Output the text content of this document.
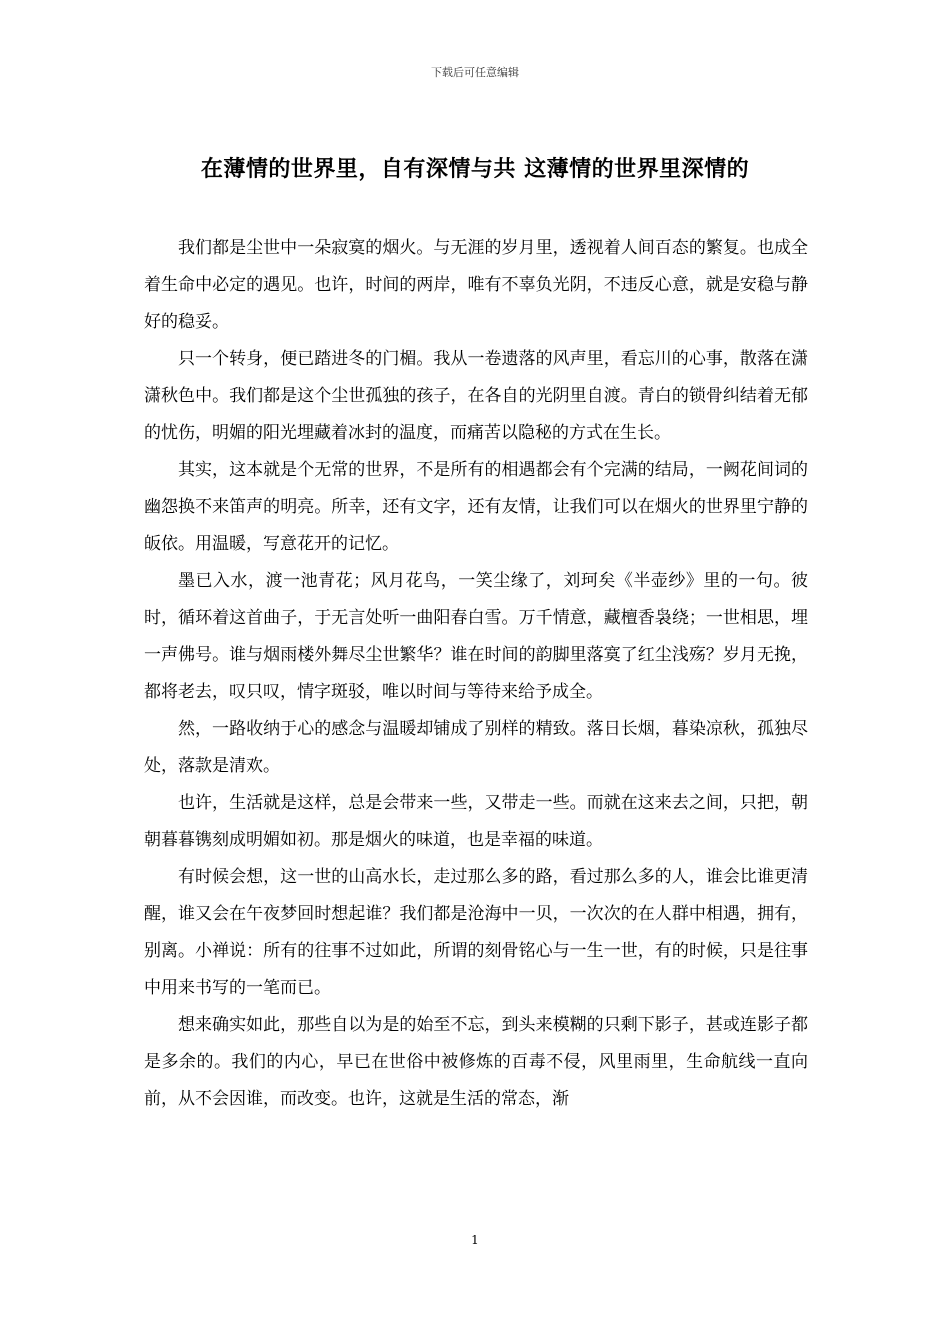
下载后可任意编辑
在薄情的世界里，自有深情与共 这薄情的世界里深情的

我们都是尘世中一朵寂寞的烟火。与无涯的岁月里，透视着人间百态的繁复。也成全着生命中必定的遇见。也许，时间的两岸，唯有不辜负光阴，不违反心意，就是安稳与静好的稳妥。

只一个转身，便已踏进冬的门楣。我从一卷遗落的风声里，看忘川的心事，散落在潇潇秋色中。我们都是这个尘世孤独的孩子，在各自的光阴里自渡。青白的锁骨纠结着无郁的忧伤，明媚的阳光埋藏着冰封的温度，而痛苦以隐秘的方式在生长。

其实，这本就是个无常的世界，不是所有的相遇都会有个完满的结局，一阙花间词的幽怨换不来笛声的明亮。所幸，还有文字，还有友情，让我们可以在烟火的世界里宁静的皈依。用温暖，写意花开的记忆。

墨已入水，渡一池青花；风月花鸟，一笑尘缘了，刘珂矣《半壶纱》里的一句。彼时，循环着这首曲子，于无言处听一曲阳春白雪。万千情意，藏檀香袅绕；一世相思，埋一声佛号。谁与烟雨楼外舞尽尘世繁华？谁在时间的韵脚里落寞了红尘浅殇？岁月无挽，都将老去，叹只叹，情字斑驳，唯以时间与等待来给予成全。

然，一路收纳于心的感念与温暖却铺成了别样的精致。落日长烟，暮染凉秋，孤独尽处，落款是清欢。

也许，生活就是这样，总是会带来一些，又带走一些。而就在这来去之间，只把，朝朝暮暮镌刻成明媚如初。那是烟火的味道，也是幸福的味道。

有时候会想，这一世的山高水长，走过那么多的路，看过那么多的人，谁会比谁更清醒，谁又会在午夜梦回时想起谁？我们都是沧海中一贝，一次次的在人群中相遇，拥有，别离。小禅说：所有的往事不过如此，所谓的刻骨铭心与一生一世，有的时候，只是往事中用来书写的一笔而已。

想来确实如此，那些自以为是的始至不忘，到头来模糊的只剩下影子，甚或连影子都是多余的。我们的内心，早已在世俗中被修炼的百毒不侵，风里雨里，生命航线一直向前，从不会因谁，而改变。也许，这就是生活的常态，渐

1
